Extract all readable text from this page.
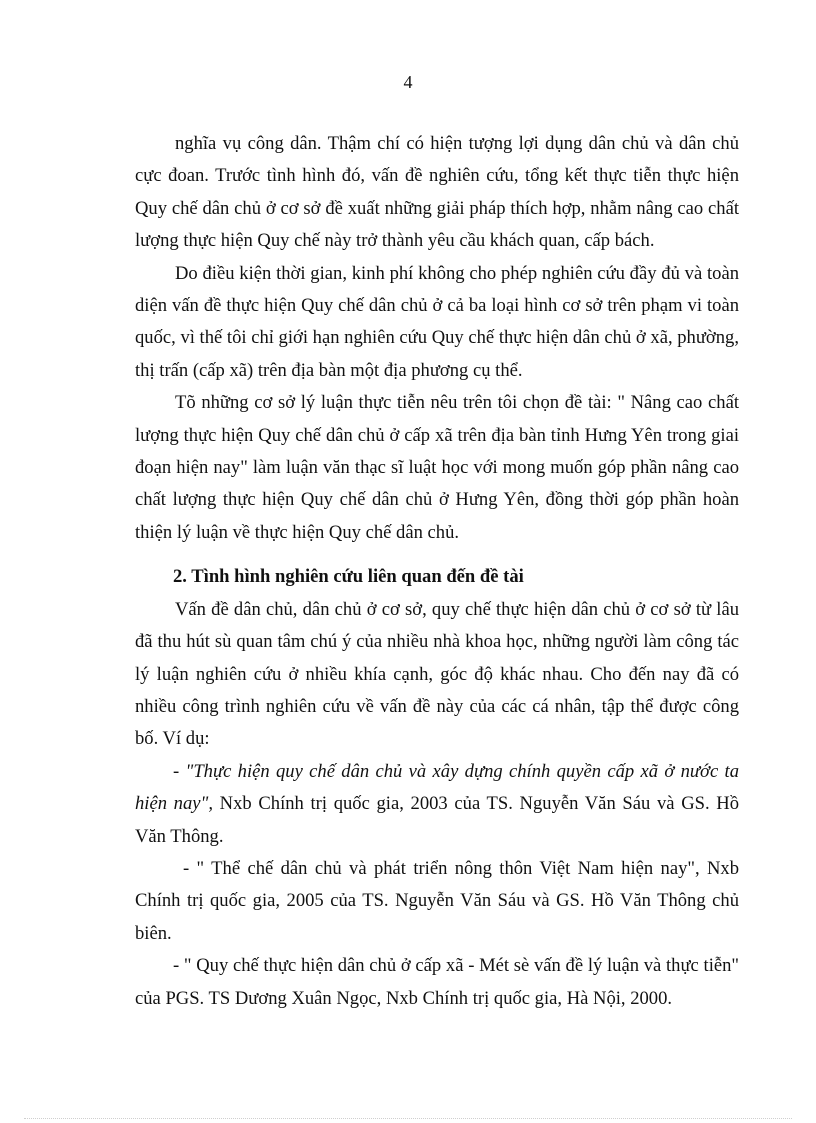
4

nghĩa vụ công dân. Thậm chí có hiện tượng lợi dụng dân chủ và dân chủ cực đoan. Trước tình hình đó, vấn đề nghiên cứu, tổng kết thực tiễn thực hiện Quy chế dân chủ ở cơ sở đề xuất những giải pháp thích hợp, nhằm nâng cao chất lượng thực hiện Quy chế này trở thành yêu cầu khách quan, cấp bách.

Do điều kiện thời gian, kinh phí không cho phép nghiên cứu đầy đủ và toàn diện vấn đề thực hiện Quy chế dân chủ ở cả ba loại hình cơ sở trên phạm vi toàn quốc, vì thế tôi chỉ giới hạn nghiên cứu Quy chế thực hiện dân chủ ở xã, phường, thị trấn (cấp xã) trên địa bàn một địa phương cụ thể.

Tõ những cơ sở lý luận thực tiễn nêu trên tôi chọn đề tài: " Nâng cao chất lượng thực hiện Quy chế dân chủ ở cấp xã trên địa bàn tỉnh Hưng Yên trong giai đoạn hiện nay" làm luận văn thạc sĩ luật học với mong muốn góp phần nâng cao chất lượng thực hiện Quy chế dân chủ ở Hưng Yên, đồng thời góp phần hoàn thiện lý luận về thực hiện Quy chế dân chủ.

2. Tình hình nghiên cứu liên quan đến đề tài

Vấn đề dân chủ, dân chủ ở cơ sở, quy chế thực hiện dân chủ ở cơ sở từ lâu đã thu hút sù quan tâm chú ý của nhiều nhà khoa học, những người làm công tác lý luận nghiên cứu ở nhiều khía cạnh, góc độ khác nhau. Cho đến nay đã có nhiều công trình nghiên cứu về vấn đề này của các cá nhân, tập thể được công bố. Ví dụ:

- "Thực hiện quy chế dân chủ và xây dựng chính quyền cấp xã ở nước ta hiện nay", Nxb Chính trị quốc gia, 2003 của TS. Nguyễn Văn Sáu và GS. Hồ Văn Thông.

- " Thể chế dân chủ và phát triển nông thôn Việt Nam hiện nay", Nxb Chính trị quốc gia, 2005 của TS. Nguyễn Văn Sáu và GS. Hồ Văn Thông chủ biên.

- " Quy chế thực hiện dân chủ ở cấp xã - Mét sè vấn đề lý luận và thực tiễn" của PGS. TS Dương Xuân Ngọc, Nxb Chính trị quốc gia, Hà Nội, 2000.
